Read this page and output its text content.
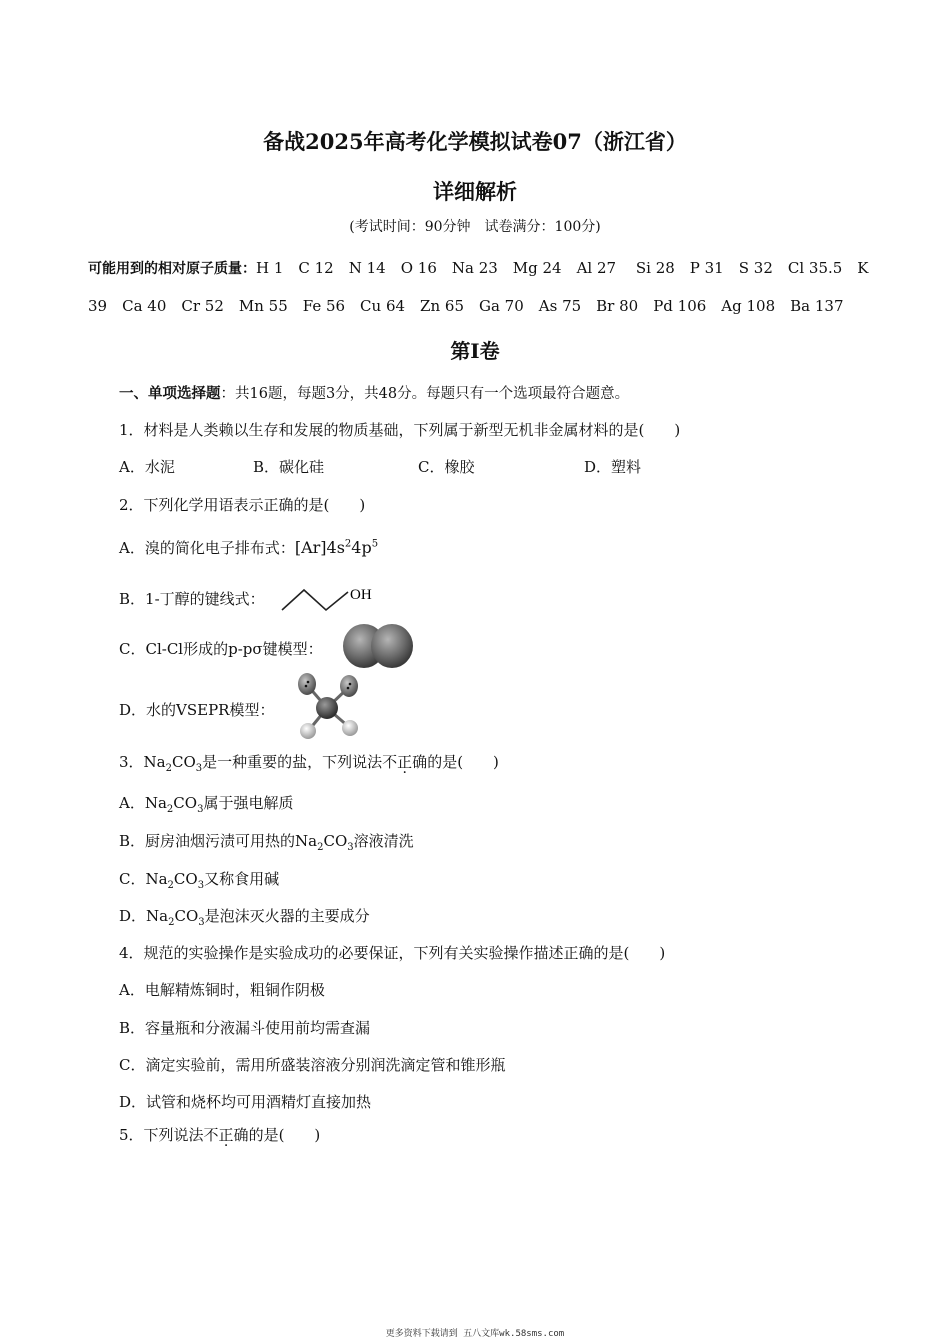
备战2025年高考化学模拟试卷07（浙江省）
详细解析
(考试时间：90分钟　试卷满分：100分)
可能用到的相对原子质量：H 1　C 12　N 14　O 16　Na 23　Mg 24　Al 27　 Si 28　P 31　S 32　Cl 35.5　K
39　Ca 40　Cr 52　Mn 55　Fe 56　Cu 64　Zn 65　Ga 70　As 75　Br 80　Pd 106　Ag 108　Ba 137
第Ⅰ卷
一、单项选择题：共16题，每题3分，共48分。每题只有一个选项最符合题意。
1．材料是人类赖以生存和发展的物质基础，下列属于新型无机非金属材料的是(　　)
A．水泥	B．碳化硅	C．橡胶	D．塑料
2．下列化学用语表示正确的是(　　)
A．溴的简化电子排布式：$[Ar]4s^24p^5$
B．1-丁醇的键线式：	OH
C．Cl-Cl形成的p-pσ键模型：
D．水的VSEPR模型：
3．$Na_2CO_3$是一种重要的盐，下列说法不正确的是(　　)
A．$Na_2CO_3$属于强电解质
B．厨房油烟污渍可用热的$Na_2CO_3$溶液清洗
C．$Na_2CO_3$又称食用碱
D．$Na_2CO_3$是泡沫灭火器的主要成分
4．规范的实验操作是实验成功的必要保证，下列有关实验操作描述正确的是(　　)
A．电解精炼铜时，粗铜作阴极
B．容量瓶和分液漏斗使用前均需查漏
C．滴定实验前，需用所盛装溶液分别润洗滴定管和锥形瓶
D．试管和烧杯均可用酒精灯直接加热
5．下列说法不正确的是(　　)
更多资料下载请到 五八文库wk.58sms.com
